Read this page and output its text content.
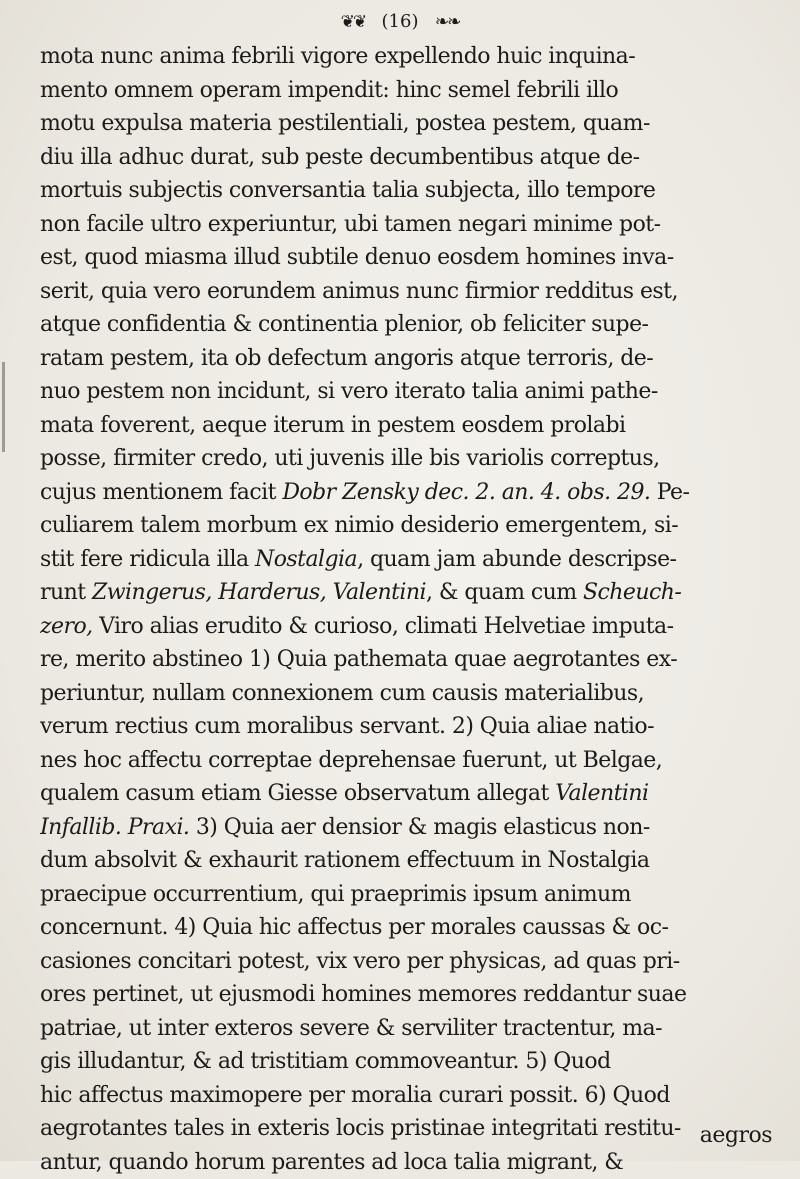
❦❦ (16) ❧❧
mota nunc anima febrili vigore expellendo huic inquina-
mento omnem operam impendit: hinc semel febrili illo
motu expulsa materia pestilentiali, postea pestem, quam-
diu illa adhuc durat, sub peste decumbentibus atque de-
mortuis subjectis conversantia talia subjecta, illo tempore
non facile ultro experiuntur, ubi tamen negari minime pot-
est, quod miasma illud subtile denuo eosdem homines inva-
serit, quia vero eorundem animus nunc firmior redditus est,
atque confidentia & continentia plenior, ob feliciter supe-
ratam pestem, ita ob defectum angoris atque terroris, de-
nuo pestem non incidunt, si vero iterato talia animi pathe-
mata foverent, aeque iterum in pestem eosdem prolabi
posse, firmiter credo, uti juvenis ille bis variolis correptus,
cujus mentionem facit Dobr Zensky dec. 2. an. 4. obs. 29. Pe-
culiarem talem morbum ex nimio desiderio emergentem, si-
stit fere ridicula illa Nostalgia, quam jam abunde descripse-
runt Zwingerus, Harderus, Valentini, & quam cum Scheuch-
zero, Viro alias erudito & curioso, climati Helvetiae imputa-
re, merito abstineo 1) Quia pathemata quae aegrotantes ex-
periuntur, nullam connexionem cum causis materialibus,
verum rectius cum moralibus servant. 2) Quia aliae natio-
nes hoc affectu correptae deprehensae fuerunt, ut Belgae,
qualem casum etiam Giesse observatum allegat Valentini
Infallib. Praxi. 3) Quia aer densior & magis elasticus non-
dum absolvit & exhaurit rationem effectuum in Nostalgia
praecipue occurrentium, qui praeprimis ipsum animum
concernunt. 4) Quia hic affectus per morales caussas & oc-
casiones concitari potest, vix vero per physicas, ad quas pri-
ores pertinet, ut ejusmodi homines memores reddantur suae
patriae, ut inter exteros severe & serviliter tractentur, ma-
gis illudantur, & ad tristitiam commoveantur. 5) Quod
hic affectus maximopere per moralia curari possit. 6) Quod
aegrotantes tales in exteris locis pristinae integritati restitu-
antur, quando horum parentes ad loca talia migrant, &
aegros
